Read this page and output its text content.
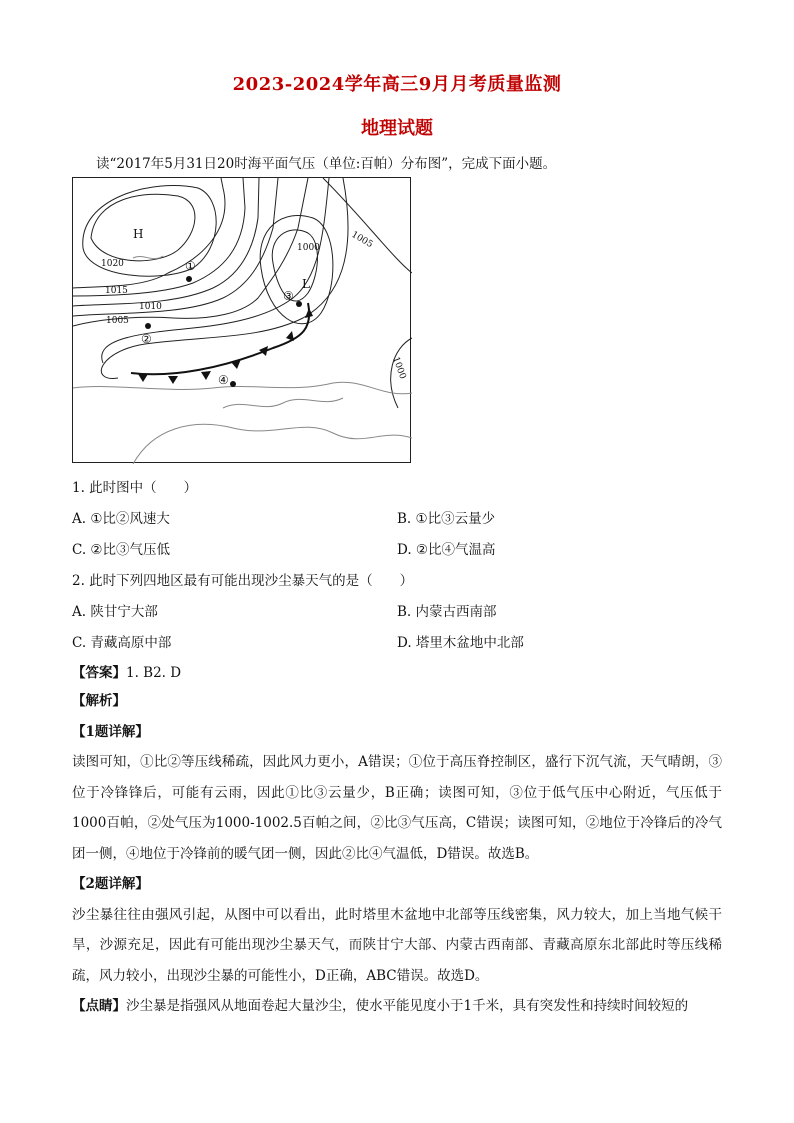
2023-2024学年高三9月月考质量监测
地理试题
读“2017年5月31日20时海平面气压（单位:百帕）分布图”，完成下面小题。
H
L
①
②
③
④
1020
1015
1010
1005
1005
1000
1000
1. 此时图中（　　）
A. ①比②风速大	B. ①比③云量少
C. ②比③气压低	D. ②比④气温高
2. 此时下列四地区最有可能出现沙尘暴天气的是（　　）
A. 陕甘宁大部	B. 内蒙古西南部
C. 青藏高原中部	D. 塔里木盆地中北部
【答案】1. B2. D

【解析】

【1题详解】

读图可知，①比②等压线稀疏，因此风力更小，A错误；①位于高压脊控制区，盛行下沉气流，天气晴朗，③位于冷锋锋后，可能有云雨，因此①比③云量少，B正确；读图可知，③位于低气压中心附近，气压低于1000百帕，②处气压为1000-1002.5百帕之间，②比③气压高，C错误；读图可知，②地位于冷锋后的冷气团一侧，④地位于冷锋前的暖气团一侧，因此②比④气温低，D错误。故选B。

【2题详解】

沙尘暴往往由强风引起，从图中可以看出，此时塔里木盆地中北部等压线密集，风力较大，加上当地气候干旱，沙源充足，因此有可能出现沙尘暴天气，而陕甘宁大部、内蒙古西南部、青藏高原东北部此时等压线稀疏，风力较小，出现沙尘暴的可能性小，D正确，ABC错误。故选D。

【点睛】沙尘暴是指强风从地面卷起大量沙尘，使水平能见度小于1千米，具有突发性和持续时间较短的
